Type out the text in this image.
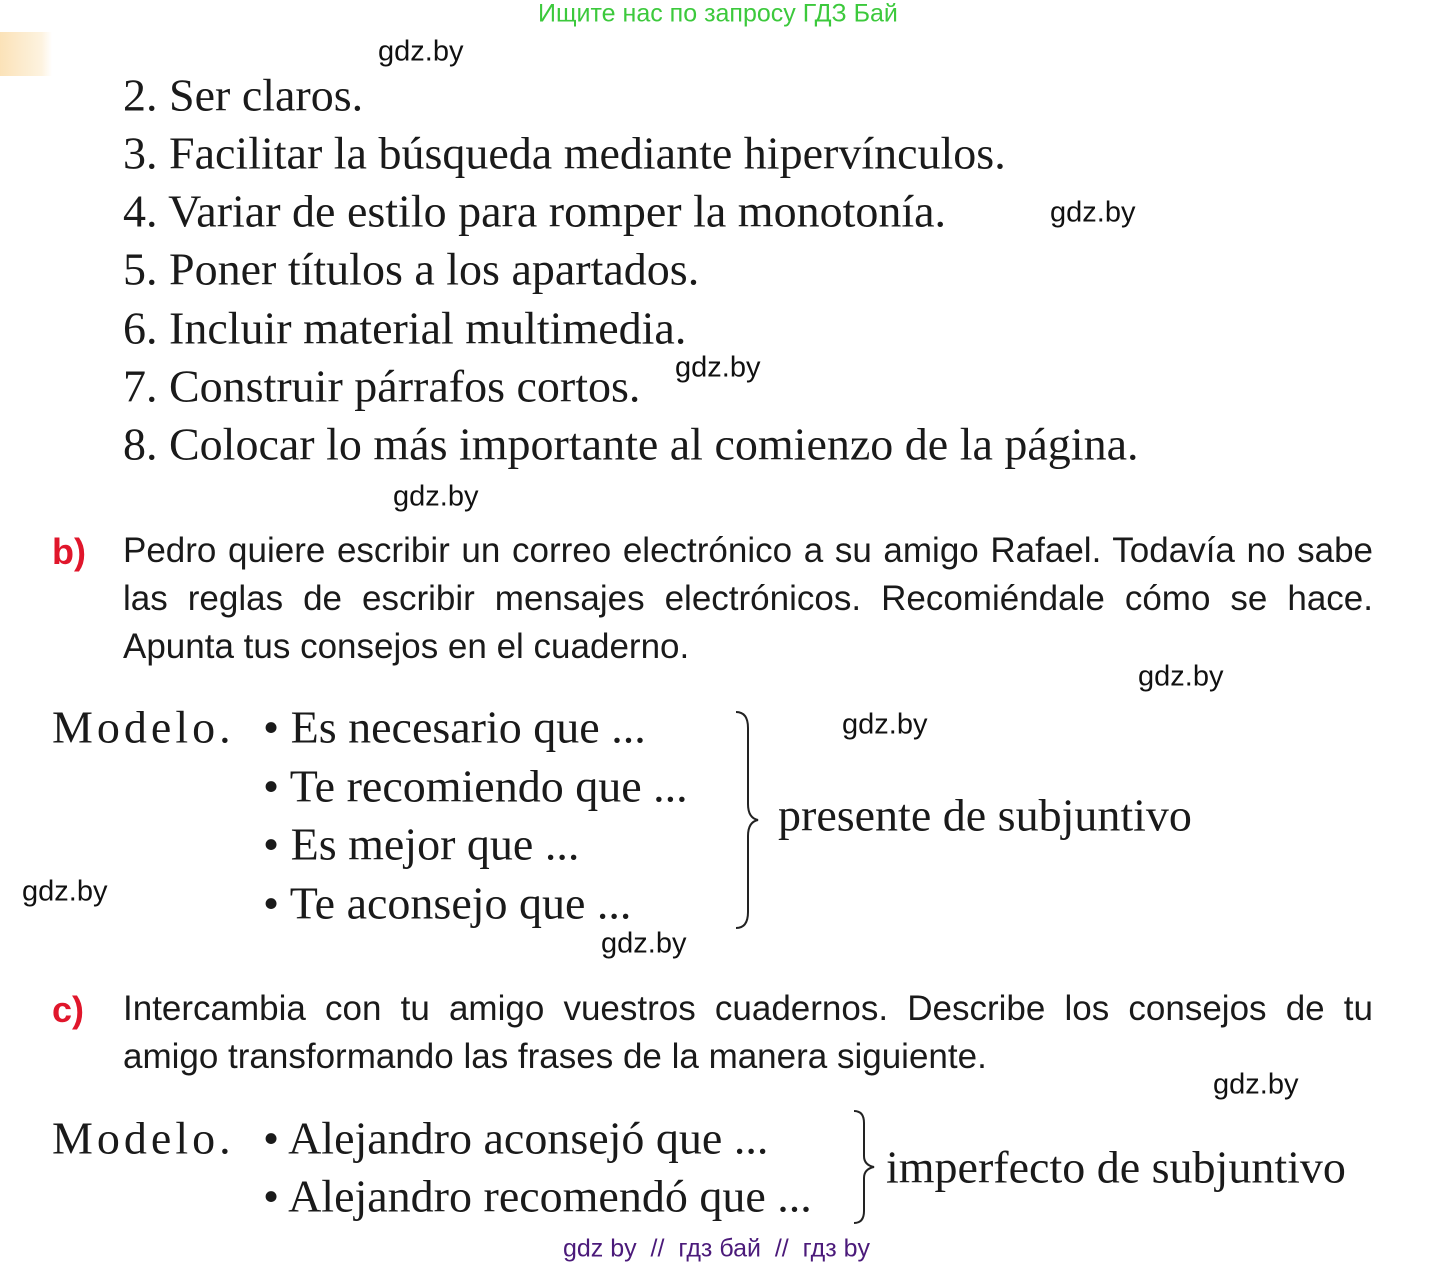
Ищите нас по запросу ГДЗ Бай
2. Ser claros.
3. Facilitar la búsqueda mediante hipervínculos.
4. Variar de estilo para romper la monotonía.
5. Poner títulos a los apartados.
6. Incluir material multimedia.
7. Construir párrafos cortos.
8. Colocar lo más importante al comienzo de la página.
b) Pedro quiere escribir un correo electrónico a su amigo Rafael. Todavía no sabe las reglas de escribir mensajes electrónicos. Recomiéndale cómo se hace. Apunta tus consejos en el cuaderno.
Modelo. • Es necesario que ...
• Te recomiendo que ...
• Es mejor que ...
• Te aconsejo que ...
presente de subjuntivo
c) Intercambia con tu amigo vuestros cuadernos. Describe los consejos de tu amigo transformando las frases de la manera siguiente.
Modelo. • Alejandro aconsejó que ...
• Alejandro recomendó que ...
imperfecto de subjuntivo
gdz.by
gdz.by
gdz.by
gdz.by
gdz.by
gdz.by
gdz.by
gdz.by
gdz.by
gdz by  //  гдз бай  //  гдз by
